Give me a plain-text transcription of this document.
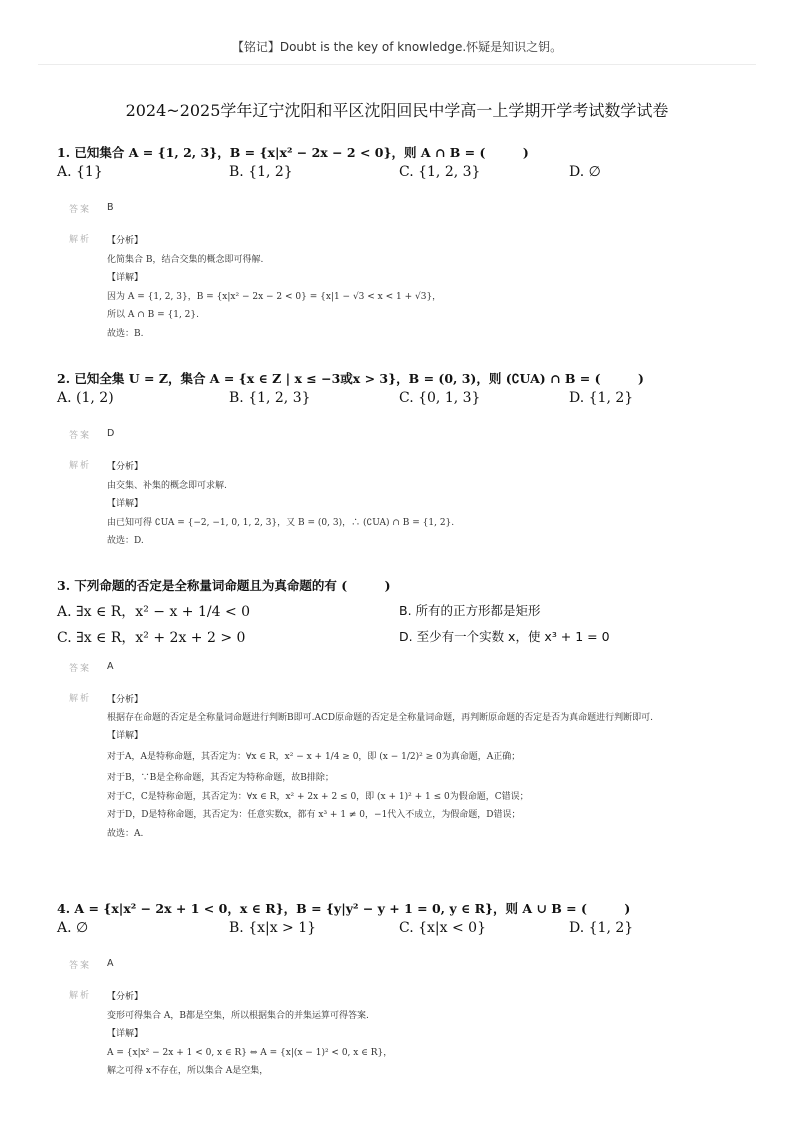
【铭记】Doubt is the key of knowledge.怀疑是知识之钥。
2024~2025学年辽宁沈阳和平区沈阳回民中学高一上学期开学考试数学试卷
1. 已知集合 A = {1, 2, 3}，B = {x|x² − 2x − 2 < 0}，则 A ∩ B = (　　　)
A. {1}	B. {1, 2}	C. {1, 2, 3}	D. ∅
答案 B
解析 【分析】
化简集合 B，结合交集的概念即可得解.
【详解】
因为 A = {1, 2, 3}，B = {x|x² − 2x − 2 < 0} = {x|1 − √3 < x < 1 + √3}，
所以 A ∩ B = {1, 2}.
故选：B.
2. 已知全集 U = Z，集合 A = {x ∈ Z | x ≤ −3或x > 3}，B = (0, 3)，则 (∁UA) ∩ B = (　　　)
A. (1, 2)	B. {1, 2, 3}	C. {0, 1, 3}	D. {1, 2}
答案 D
解析 【分析】
由交集、补集的概念即可求解.
【详解】
由已知可得 ∁UA = {−2, −1, 0, 1, 2, 3}，又 B = (0, 3)，∴ (∁UA) ∩ B = {1, 2}.
故选：D.
3. 下列命题的否定是全称量词命题且为真命题的有 (　　　)
A. ∃x ∈ R，x² − x + 1/4 < 0	B. 所有的正方形都是矩形
C. ∃x ∈ R，x² + 2x + 2 > 0	D. 至少有一个实数 x，使 x³ + 1 = 0
答案 A
解析 【分析】
根据存在命题的否定是全称量词命题进行判断B即可.ACD原命题的否定是全称量词命题，再判断原命题的否定是否为真命题进行判断即可.
【详解】
对于A，A是特称命题，其否定为：∀x ∈ R，x² − x + 1/4 ≥ 0，即 (x − 1/2)² ≥ 0为真命题，A正确；
对于B，∵B是全称命题，其否定为特称命题，故B排除；
对于C，C是特称命题，其否定为：∀x ∈ R，x² + 2x + 2 ≤ 0，即 (x + 1)² + 1 ≤ 0为假命题，C错误；
对于D，D是特称命题，其否定为：任意实数x，都有 x³ + 1 ≠ 0，−1代入不成立，为假命题，D错误；
故选：A.
4. A = {x|x² − 2x + 1 < 0，x ∈ R}，B = {y|y² − y + 1 = 0, y ∈ R}，则 A ∪ B = (　　　)
A. ∅	B. {x|x > 1}	C. {x|x < 0}	D. {1, 2}
答案 A
解析 【分析】
变形可得集合 A，B都是空集，所以根据集合的并集运算可得答案.
【详解】
A = {x|x² − 2x + 1 < 0, x ∈ R} ⇔ A = {x|(x − 1)² < 0, x ∈ R}，
解之可得 x不存在，所以集合 A是空集，
